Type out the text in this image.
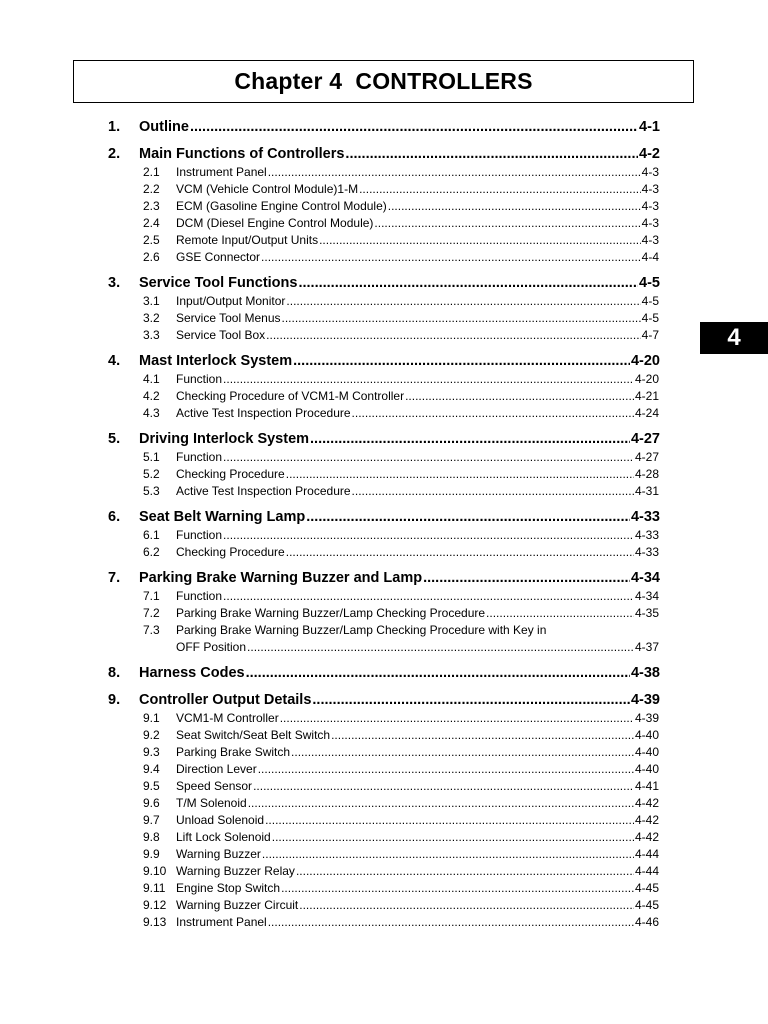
Chapter 4  CONTROLLERS
4
1.	Outline .....	4-1
2.	Main Functions of Controllers .....	4-2
2.1	Instrument Panel .....	4-3
2.2	VCM (Vehicle Control Module)1-M .....	4-3
2.3	ECM (Gasoline Engine Control Module) .....	4-3
2.4	DCM (Diesel Engine Control Module) .....	4-3
2.5	Remote Input/Output Units .....	4-3
2.6	GSE Connector .....	4-4
3.	Service Tool Functions .....	4-5
3.1	Input/Output Monitor .....	4-5
3.2	Service Tool Menus .....	4-5
3.3	Service Tool Box .....	4-7
4.	Mast Interlock System .....	4-20
4.1	Function .....	4-20
4.2	Checking Procedure of VCM1-M Controller .....	4-21
4.3	Active Test Inspection Procedure .....	4-24
5.	Driving Interlock System .....	4-27
5.1	Function .....	4-27
5.2	Checking Procedure .....	4-28
5.3	Active Test Inspection Procedure .....	4-31
6.	Seat Belt Warning Lamp .....	4-33
6.1	Function .....	4-33
6.2	Checking Procedure .....	4-33
7.	Parking Brake Warning Buzzer and Lamp .....	4-34
7.1	Function .....	4-34
7.2	Parking Brake Warning Buzzer/Lamp Checking Procedure .....	4-35
7.3	Parking Brake Warning Buzzer/Lamp Checking Procedure with Key in
OFF Position .....	4-37
8.	Harness Codes .....	4-38
9.	Controller Output Details .....	4-39
9.1	VCM1-M Controller .....	4-39
9.2	Seat Switch/Seat Belt Switch .....	4-40
9.3	Parking Brake Switch .....	4-40
9.4	Direction Lever .....	4-40
9.5	Speed Sensor .....	4-41
9.6	T/M Solenoid .....	4-42
9.7	Unload Solenoid .....	4-42
9.8	Lift Lock Solenoid .....	4-42
9.9	Warning Buzzer .....	4-44
9.10 Warning Buzzer Relay .....	4-44
9.11 Engine Stop Switch .....	4-45
9.12 Warning Buzzer Circuit .....	4-45
9.13 Instrument Panel .....	4-46
